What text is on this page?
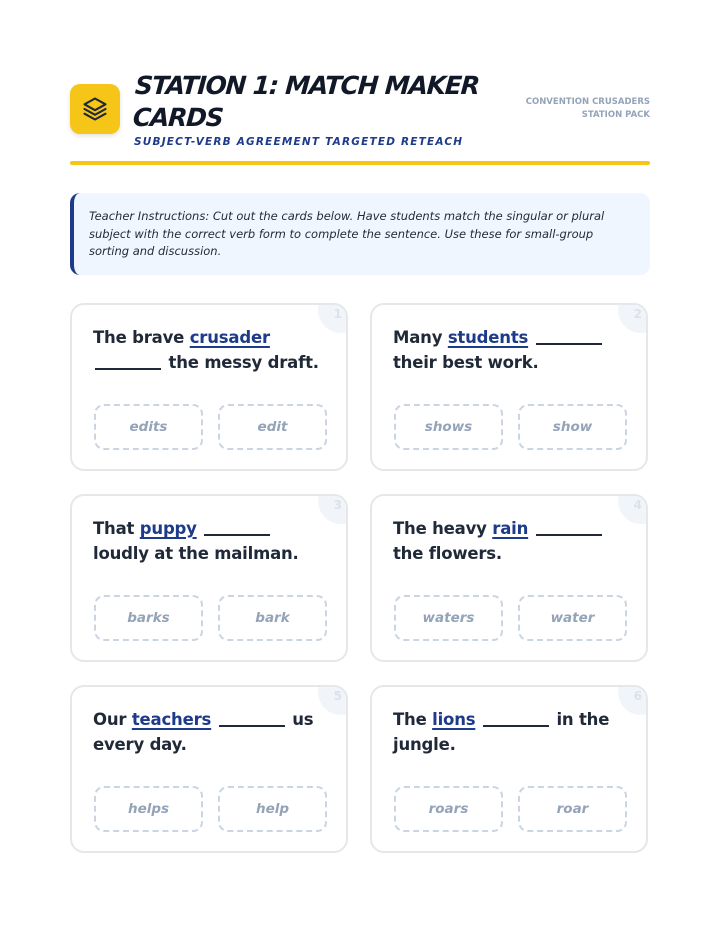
STATION 1: MATCH MAKER
CARDS
SUBJECT-VERB AGREEMENT TARGETED RETEACH
CONVENTION CRUSADERS
STATION PACK
Teacher Instructions: Cut out the cards below. Have students match the singular or plural subject with the correct verb form to complete the sentence. Use these for small-group sorting and discussion.
1
The brave crusader
the messy draft.
edits	edit
2
Many students
their best work.
shows	show
3
That puppy  loudly at the mailman.
barks	bark
4
The heavy rain  the flowers.
waters	water
5
Our teachers	us every day.
helps	help
6
The lions	in the jungle.
roars	roar
